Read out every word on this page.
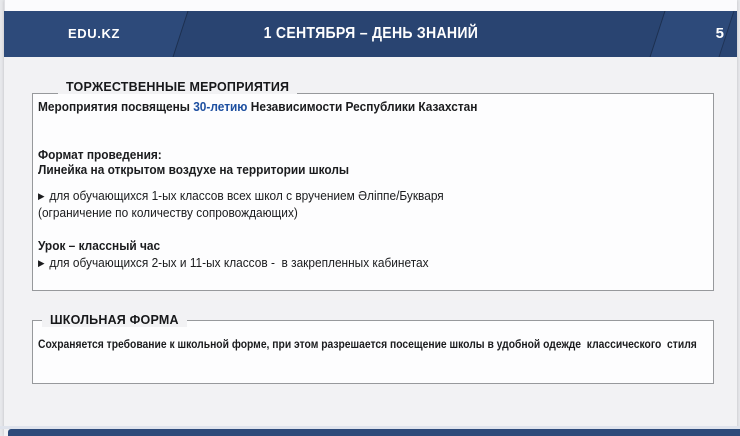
EDU.KZ	1 СЕНТЯБРЯ – ДЕНЬ ЗНАНИЙ	5
Мероприятия посвящены 30-летию Независимости Республики Казахстан
Формат проведения:
Линейка на открытом воздухе на территории школы
▶ для обучающихся 1-ых классов всех школ с вручением Әліппе/Букваря
(ограничение по количеству сопровождающих)
Урок – классный час
▶ для обучающихся 2-ых и 11-ых классов -  в закрепленных кабинетах
ТОРЖЕСТВЕННЫЕ МЕРОПРИЯТИЯ
Сохраняется требование к школьной форме, при этом разрешается посещение школы в удобной одежде  классического  стиля
ШКОЛЬНАЯ ФОРМА
